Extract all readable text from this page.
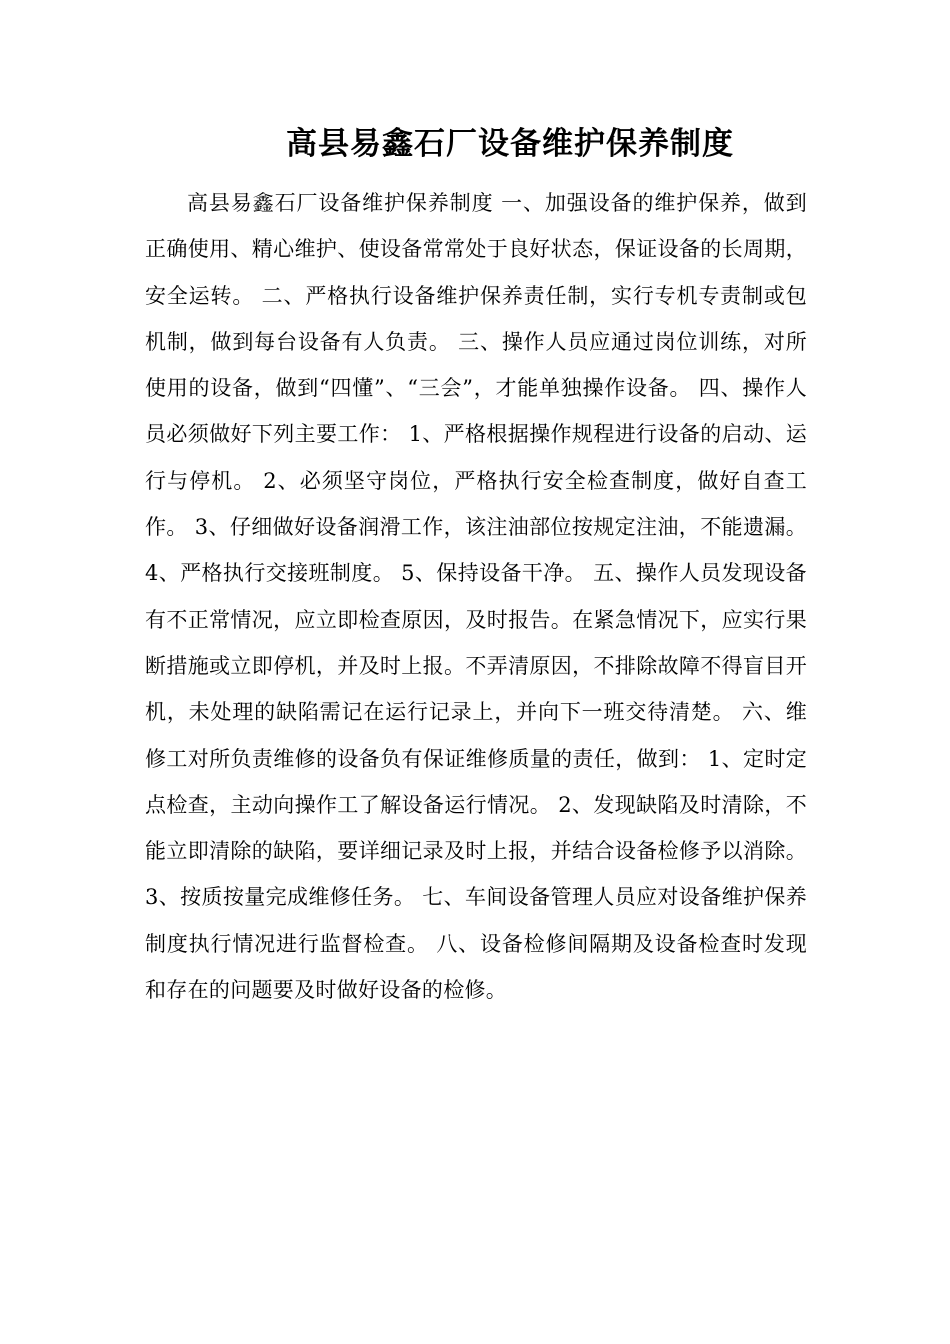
高县易鑫石厂设备维护保养制度

高县易鑫石厂设备维护保养制度 一、加强设备的维护保养，做到正确使用、精心维护、使设备常常处于良好状态，保证设备的长周期，安全运转。 二、严格执行设备维护保养责任制，实行专机专责制或包机制，做到每台设备有人负责。 三、操作人员应通过岗位训练，对所使用的设备，做到“四懂”、“三会”，才能单独操作设备。 四、操作人员必须做好下列主要工作： 1、严格根据操作规程进行设备的启动、运行与停机。 2、必须坚守岗位，严格执行安全检查制度，做好自查工作。 3、仔细做好设备润滑工作，该注油部位按规定注油，不能遗漏。 4、严格执行交接班制度。 5、保持设备干净。 五、操作人员发现设备有不正常情况，应立即检查原因，及时报告。在紧急情况下，应实行果断措施或立即停机，并及时上报。不弄清原因，不排除故障不得盲目开机，未处理的缺陷需记在运行记录上，并向下一班交待清楚。 六、维修工对所负责维修的设备负有保证维修质量的责任，做到： 1、定时定点检查，主动向操作工了解设备运行情况。 2、发现缺陷及时清除，不能立即清除的缺陷，要详细记录及时上报，并结合设备检修予以消除。 3、按质按量完成维修任务。 七、车间设备管理人员应对设备维护保养制度执行情况进行监督检查。 八、设备检修间隔期及设备检查时发现和存在的问题要及时做好设备的检修。
